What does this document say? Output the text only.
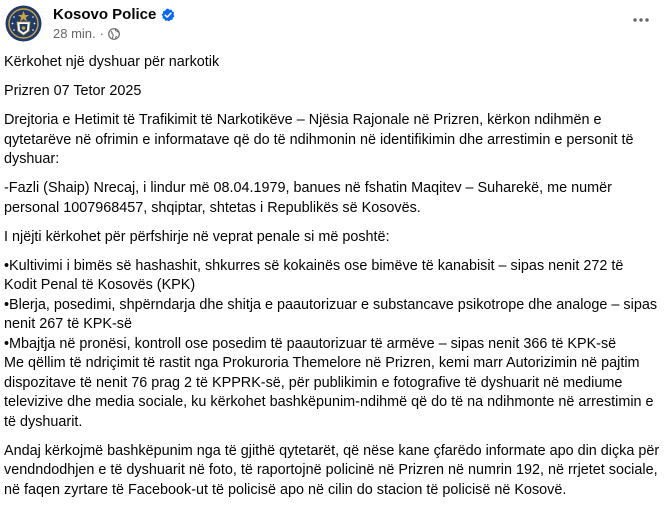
Kosovo Police
28 min. ·

Kërkohet një dyshuar për narkotik

Prizren 07 Tetor 2025

Drejtoria e Hetimit të Trafikimit të Narkotikëve – Njësia Rajonale në Prizren, kërkon ndihmën e qytetarëve në ofrimin e informatave që do të ndihmonin në identifikimin dhe arrestimin e personit të dyshuar:

-Fazli (Shaip) Nrecaj, i lindur më 08.04.1979, banues në fshatin Maqitev – Suharekë, me numër personal 1007968457, shqiptar, shtetas i Republikës së Kosovës.

I njëjti kërkohet për përfshirje në veprat penale si më poshtë:

•Kultivimi i bimës së hashashit, shkurres së kokainës ose bimëve të kanabisit – sipas nenit 272 të Kodit Penal të Kosovës (KPK)

•Blerja, posedimi, shpërndarja dhe shitja e paautorizuar e substancave psikotrope dhe analoge – sipas nenit 267 të KPK-së

•Mbajtja në pronësi, kontroll ose posedim të paautorizuar të armëve – sipas nenit 366 të KPK-së

Me qëllim të ndriçimit të rastit nga Prokuroria Themelore në Prizren, kemi marr Autorizimin në pajtim dispozitave të nenit 76 prag 2 të KPPRK-së, për publikimin e fotografive të dyshuarit në mediume televizive dhe media sociale, ku kërkohet bashkëpunim-ndihmë që do të na ndihmonte në arrestimin e të dyshuarit.

Andaj kërkojmë bashkëpunim nga të gjithë qytetarët, që nëse kane çfarëdo informate apo din diçka për vendndodhjen e të dyshuarit në foto, të raportojnë policinë në Prizren në numrin 192, në rrjetet sociale, në faqen zyrtare të Facebook-ut të policisë apo në cilin do stacion të policisë në Kosovë.
